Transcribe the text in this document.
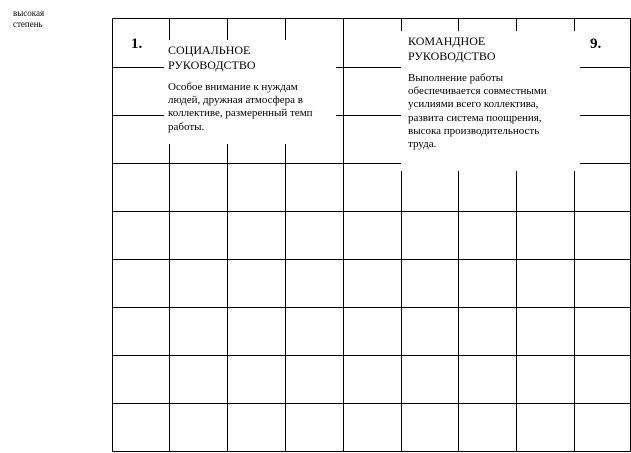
высокая
степень
1.	9.
СОЦИАЛЬНОЕ
РУКОВОДСТВО
Особое внимание к нуждам людей, дружная атмосфера в коллективе, размеренный темп работы.
КОМАНДНОЕ
РУКОВОДСТВО
Выполнение работы обеспечивается совместными усилиями всего коллектива, развита система поощрения, высока производительность труда.
